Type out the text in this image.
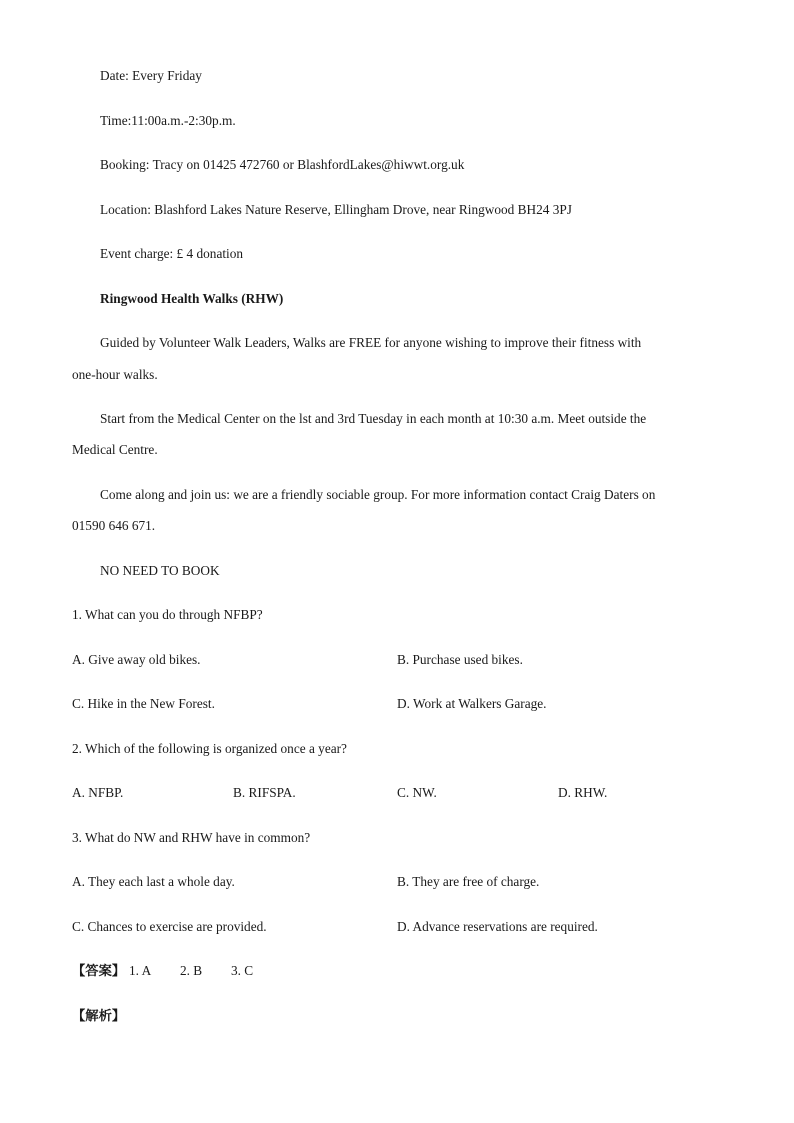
Date: Every Friday
Time:11:00a.m.-2:30p.m.
Booking: Tracy on 01425 472760 or BlashfordLakes@hiwwt.org.uk
Location: Blashford Lakes Nature Reserve, Ellingham Drove, near Ringwood BH24 3PJ
Event charge: £ 4 donation
Ringwood Health Walks (RHW)
Guided by Volunteer Walk Leaders, Walks are FREE for anyone wishing to improve their fitness with
one-hour walks.
Start from the Medical Center on the lst and 3rd Tuesday in each month at 10:30 a.m. Meet outside the
Medical Centre.
Come along and join us: we are a friendly sociable group. For more information contact Craig Daters on
01590 646 671.
NO NEED TO BOOK
1. What can you do through NFBP?
A. Give away old bikes.	B. Purchase used bikes.
C. Hike in the New Forest.	D. Work at Walkers Garage.
2. Which of the following is organized once a year?
A. NFBP.	B. RIFSPA.	C. NW.	D. RHW.
3. What do NW and RHW have in common?
A. They each last a whole day.	B. They are free of charge.
C. Chances to exercise are provided.	D. Advance reservations are required.
【答案】 1. A 2. B 3. C
【解析】
